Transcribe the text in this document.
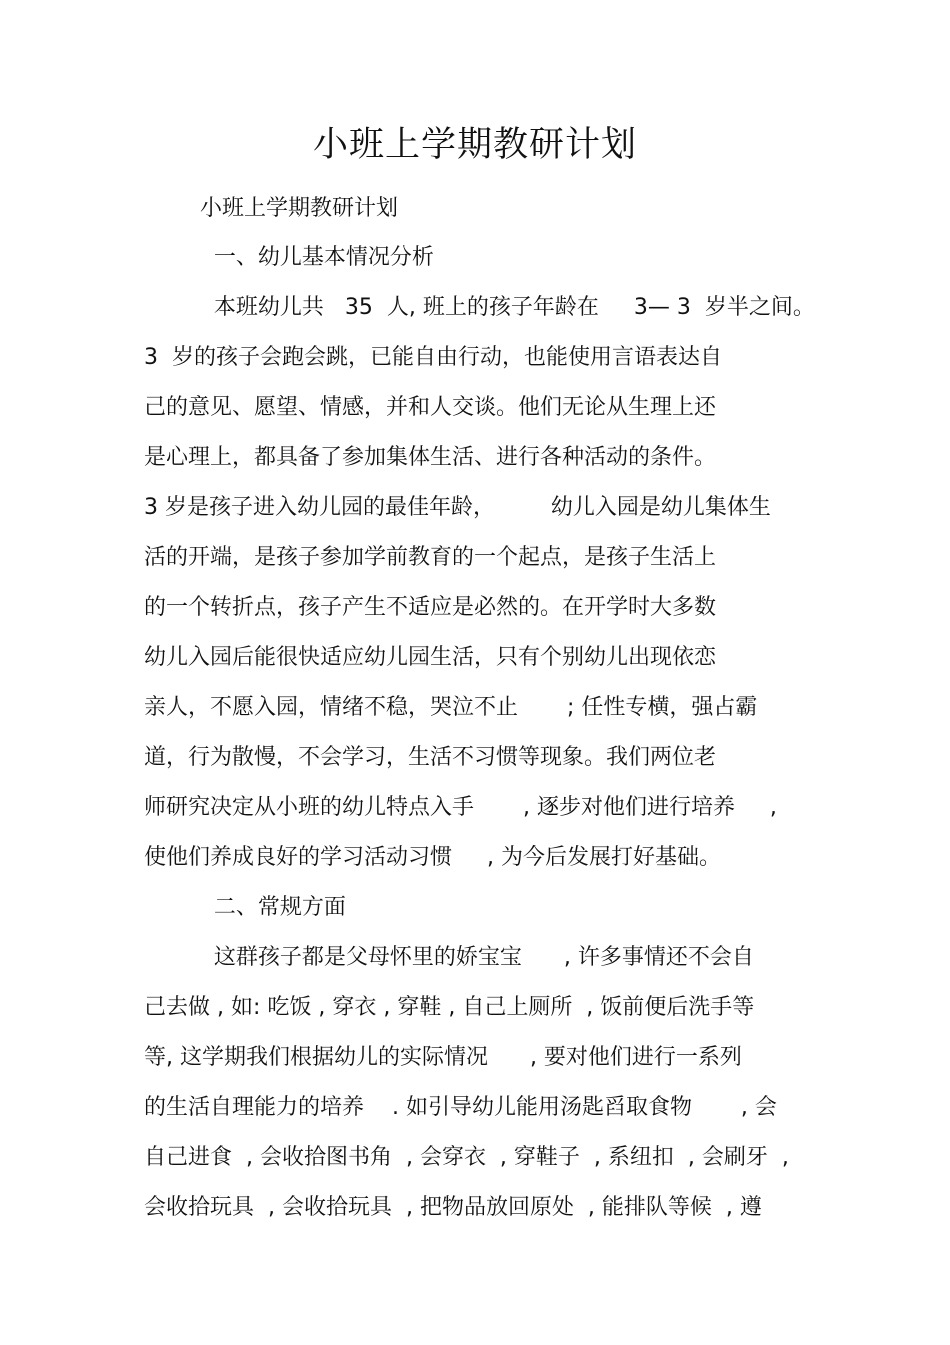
小班上学期教研计划

小班上学期教研计划

一、幼儿基本情况分析

本班幼儿共   35  人, 班上的孩子年龄在     3— 3  岁半之间。

3  岁的孩子会跑会跳，已能自由行动，也能使用言语表达自

己的意见、愿望、情感，并和人交谈。他们无论从生理上还

是心理上，都具备了参加集体生活、进行各种活动的条件。

3 岁是孩子进入幼儿园的最佳年龄，        幼儿入园是幼儿集体生

活的开端，是孩子参加学前教育的一个起点，是孩子生活上

的一个转折点，孩子产生不适应是必然的。在开学时大多数

幼儿入园后能很快适应幼儿园生活，只有个别幼儿出现依恋

亲人，不愿入园，情绪不稳，哭泣不止       ; 任性专横，强占霸

道，行为散慢，不会学习，生活不习惯等现象。我们两位老

师研究决定从小班的幼儿特点入手       , 逐步对他们进行培养     ,

使他们养成良好的学习活动习惯     , 为今后发展打好基础。

二、常规方面

这群孩子都是父母怀里的娇宝宝      , 许多事情还不会自

己去做 , 如: 吃饭 , 穿衣 , 穿鞋 , 自己上厕所  , 饭前便后洗手等

等, 这学期我们根据幼儿的实际情况      , 要对他们进行一系列

的生活自理能力的培养    . 如引导幼儿能用汤匙舀取食物       , 会

自己进食  , 会收拾图书角  , 会穿衣  , 穿鞋子  , 系纽扣  , 会刷牙  ,

会收拾玩具  , 会收拾玩具  , 把物品放回原处  , 能排队等候  , 遵
